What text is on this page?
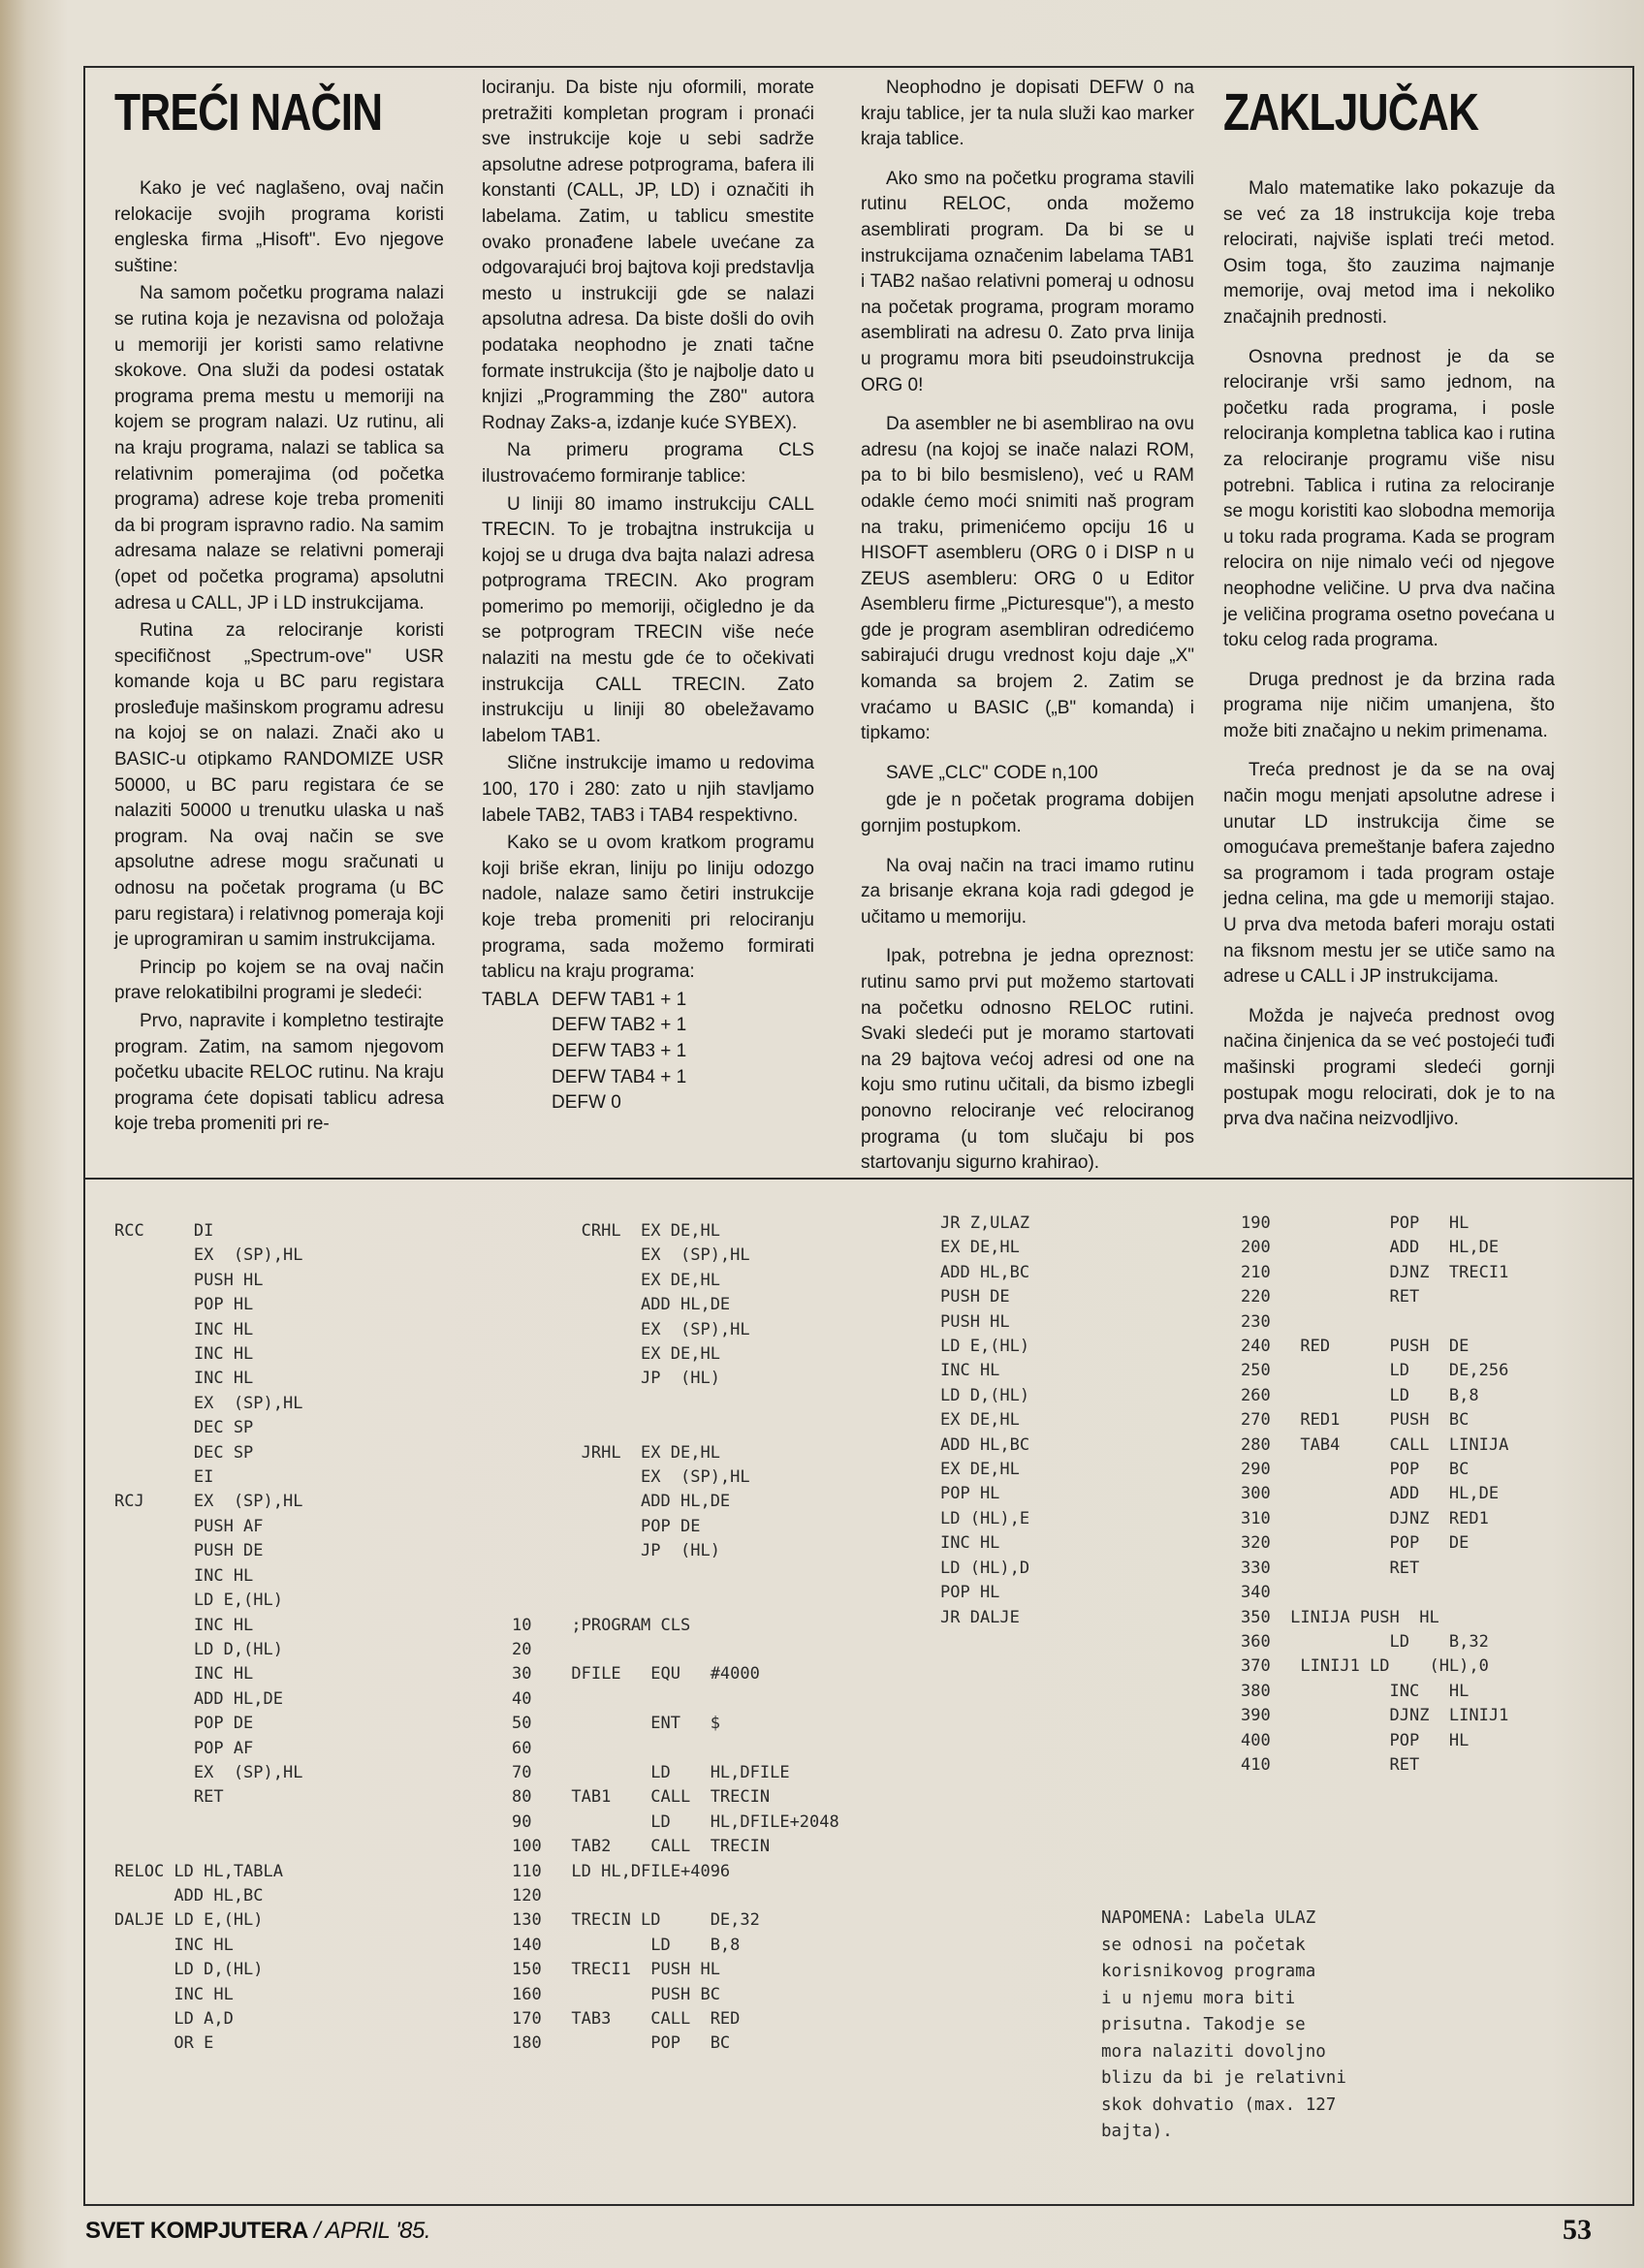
TREĆI NAČIN

Kako je već naglašeno, ovaj način relokacije svojih programa koristi engleska firma „Hisoft". Evo njegove suštine:

Na samom početku programa nalazi se rutina koja je nezavisna od položaja u memoriji jer koristi samo relativne skokove. Ona služi da podesi ostatak programa prema mestu u memoriji na kojem se program nalazi. Uz rutinu, ali na kraju programa, nalazi se tablica sa relativnim pomerajima (od početka programa) adrese koje treba promeniti da bi program ispravno radio. Na samim adresama nalaze se relativni pomeraji (opet od početka programa) apsolutni adresa u CALL, JP i LD instrukcijama.

Rutina za relociranje koristi specifičnost „Spectrum-ove" USR komande koja u BC paru registara prosleđuje mašinskom programu adresu na kojoj se on nalazi. Znači ako u BASIC-u otipkamo RANDOMIZE USR 50000, u BC paru registara će se nalaziti 50000 u trenutku ulaska u naš program. Na ovaj način se sve apsolutne adrese mogu sračunati u odnosu na početak programa (u BC paru registara) i relativnog pomeraja koji je uprogramiran u samim instrukcijama.

Princip po kojem se na ovaj način prave relokatibilni programi je sledeći:

Prvo, napravite i kompletno testirajte program. Zatim, na samom njegovom početku ubacite RELOC rutinu. Na kraju programa ćete dopisati tablicu adresa koje treba promeniti pri re-

lociranju. Da biste nju oformili, morate pretražiti kompletan program i pronaći sve instrukcije koje u sebi sadrže apsolutne adrese potprograma, bafera ili konstanti (CALL, JP, LD) i označiti ih labelama. Zatim, u tablicu smestite ovako pronađene labele uvećane za odgovarajući broj bajtova koji predstavlja mesto u instrukciji gde se nalazi apsolutna adresa. Da biste došli do ovih podataka neophodno je znati tačne formate instrukcija (što je najbolje dato u knjizi „Programming the Z80" autora Rodnay Zaks-a, izdanje kuće SYBEX).

Na primeru programa CLS ilustrovaćemo formiranje tablice:

U liniji 80 imamo instrukciju CALL TRECIN. To je trobajtna instrukcija u kojoj se u druga dva bajta nalazi adresa potprograma TRECIN. Ako program pomerimo po memoriji, očigledno je da se potprogram TRECIN više neće nalaziti na mestu gde će to očekivati instrukcija CALL TRECIN. Zato instrukciju u liniji 80 obeležavamo labelom TAB1.

Slične instrukcije imamo u redovima 100, 170 i 280: zato u njih stavljamo labele TAB2, TAB3 i TAB4 respektivno.

Kako se u ovom kratkom programu koji briše ekran, liniju po liniju odozgo nadole, nalaze samo četiri instrukcije koje treba promeniti pri relociranju programa, sada možemo formirati tablicu na kraju programa:

TABLA DEFW TAB1 + 1
DEFW TAB2 + 1
DEFW TAB3 + 1
DEFW TAB4 + 1
DEFW 0

Neophodno je dopisati DEFW 0 na kraju tablice, jer ta nula služi kao marker kraja tablice.

Ako smo na početku programa stavili rutinu RELOC, onda možemo asemblirati program. Da bi se u instrukcijama označenim labelama TAB1 i TAB2 našao relativni pomeraj u odnosu na početak programa, program moramo asemblirati na adresu 0. Zato prva linija u programu mora biti pseudoinstrukcija ORG 0!

Da asembler ne bi asemblirao na ovu adresu (na kojoj se inače nalazi ROM, pa to bi bilo besmisleno), već u RAM odakle ćemo moći snimiti naš program na traku, primenićemo opciju 16 u HISOFT asembleru (ORG 0 i DISP n u ZEUS asembleru: ORG 0 u Editor Asembleru firme „Picturesque"), a mesto gde je program asembliran odredićemo sabirajući drugu vrednost koju daje „X" komanda sa brojem 2. Zatim se vraćamo u BASIC („B" komanda) i tipkamo:

SAVE „CLC" CODE n,100

gde je n početak programa dobijen gornjim postupkom.

Na ovaj način na traci imamo rutinu za brisanje ekrana koja radi gdegod je učitamo u memoriju.

Ipak, potrebna je jedna opreznost: rutinu samo prvi put možemo startovati na početku odnosno RELOC rutini. Svaki sledeći put je moramo startovati na 29 bajtova većoj adresi od one na koju smo rutinu učitali, da bismo izbegli ponovno relociranje već relociranog programa (u tom slučaju bi pos startovanju sigurno krahirao).

ZAKLJUČAK

Malo matematike lako pokazuje da se već za 18 instrukcija koje treba relocirati, najviše isplati treći metod. Osim toga, što zauzima najmanje memorije, ovaj metod ima i nekoliko značajnih prednosti.

Osnovna prednost je da se relociranje vrši samo jednom, na početku rada programa, i posle relociranja kompletna tablica kao i rutina za relociranje programu više nisu potrebni. Tablica i rutina za relociranje se mogu koristiti kao slobodna memorija u toku rada programa. Kada se program relocira on nije nimalo veći od njegove neophodne veličine. U prva dva načina je veličina programa osetno povećana u toku celog rada programa.

Druga prednost je da brzina rada programa nije ničim umanjena, što može biti značajno u nekim primenama.

Treća prednost je da se na ovaj način mogu menjati apsolutne adrese i unutar LD instrukcija čime se omogućava premeštanje bafera zajedno sa programom i tada program ostaje jedna celina, ma gde u memoriji stajao. U prva dva metoda baferi moraju ostati na fiksnom mestu jer se utiče samo na adrese u CALL i JP instrukcijama.

Možda je najveća prednost ovog načina činjenica da se već postojeći tuđi mašinski programi sledeći gornji postupak mogu relocirati, dok je to na prva dva načina neizvodljivo.

RCC     DI
EX  (SP),HL
PUSH HL
POP HL
INC HL
INC HL
INC HL
EX  (SP),HL
DEC SP
DEC SP
EI
RCJ     EX  (SP),HL
PUSH AF
PUSH DE
INC HL
LD E,(HL)
INC HL
LD D,(HL)
INC HL
ADD HL,DE
POP DE
POP AF
EX  (SP),HL
RET

RELOC LD HL,TABLA
ADD HL,BC
DALJE LD E,(HL)
INC HL
LD D,(HL)
INC HL
LD A,D
OR E
CRHL  EX DE,HL
EX  (SP),HL
EX DE,HL
ADD HL,DE
EX  (SP),HL
EX DE,HL
JP  (HL)

JRHL  EX DE,HL
EX  (SP),HL
ADD HL,DE
POP DE
JP  (HL)

10    ;PROGRAM CLS
20
30    DFILE   EQU   #4000
40
50            ENT   $
60
70            LD    HL,DFILE
80    TAB1    CALL  TRECIN
90            LD    HL,DFILE+2048
100   TAB2    CALL  TRECIN
110   LD HL,DFILE+4096
120
130   TRECIN LD     DE,32
140           LD    B,8
150   TRECI1  PUSH HL
160           PUSH BC
170   TAB3    CALL  RED
180           POP   BC
JR Z,ULAZ
EX DE,HL
ADD HL,BC
PUSH DE
PUSH HL
LD E,(HL)
INC HL
LD D,(HL)
EX DE,HL
ADD HL,BC
EX DE,HL
POP HL
LD (HL),E
INC HL
LD (HL),D
POP HL
JR DALJE
190            POP   HL
200            ADD   HL,DE
210            DJNZ  TRECI1
220            RET
230
240   RED      PUSH  DE
250            LD    DE,256
260            LD    B,8
270   RED1     PUSH  BC
280   TAB4     CALL  LINIJA
290            POP   BC
300            ADD   HL,DE
310            DJNZ  RED1
320            POP   DE
330            RET
340
350  LINIJA PUSH  HL
360            LD    B,32
370   LINIJ1 LD    (HL),0
380            INC   HL
390            DJNZ  LINIJ1
400            POP   HL
410            RET
NAPOMENA: Labela ULAZ
se odnosi na početak
korisnikovog programa
i u njemu mora biti
prisutna. Takodje se
mora nalaziti dovoljno
blizu da bi je relativni
skok dohvatio (max. 127
bajta).
SVET KOMPJUTERA / APRIL '85.	53
